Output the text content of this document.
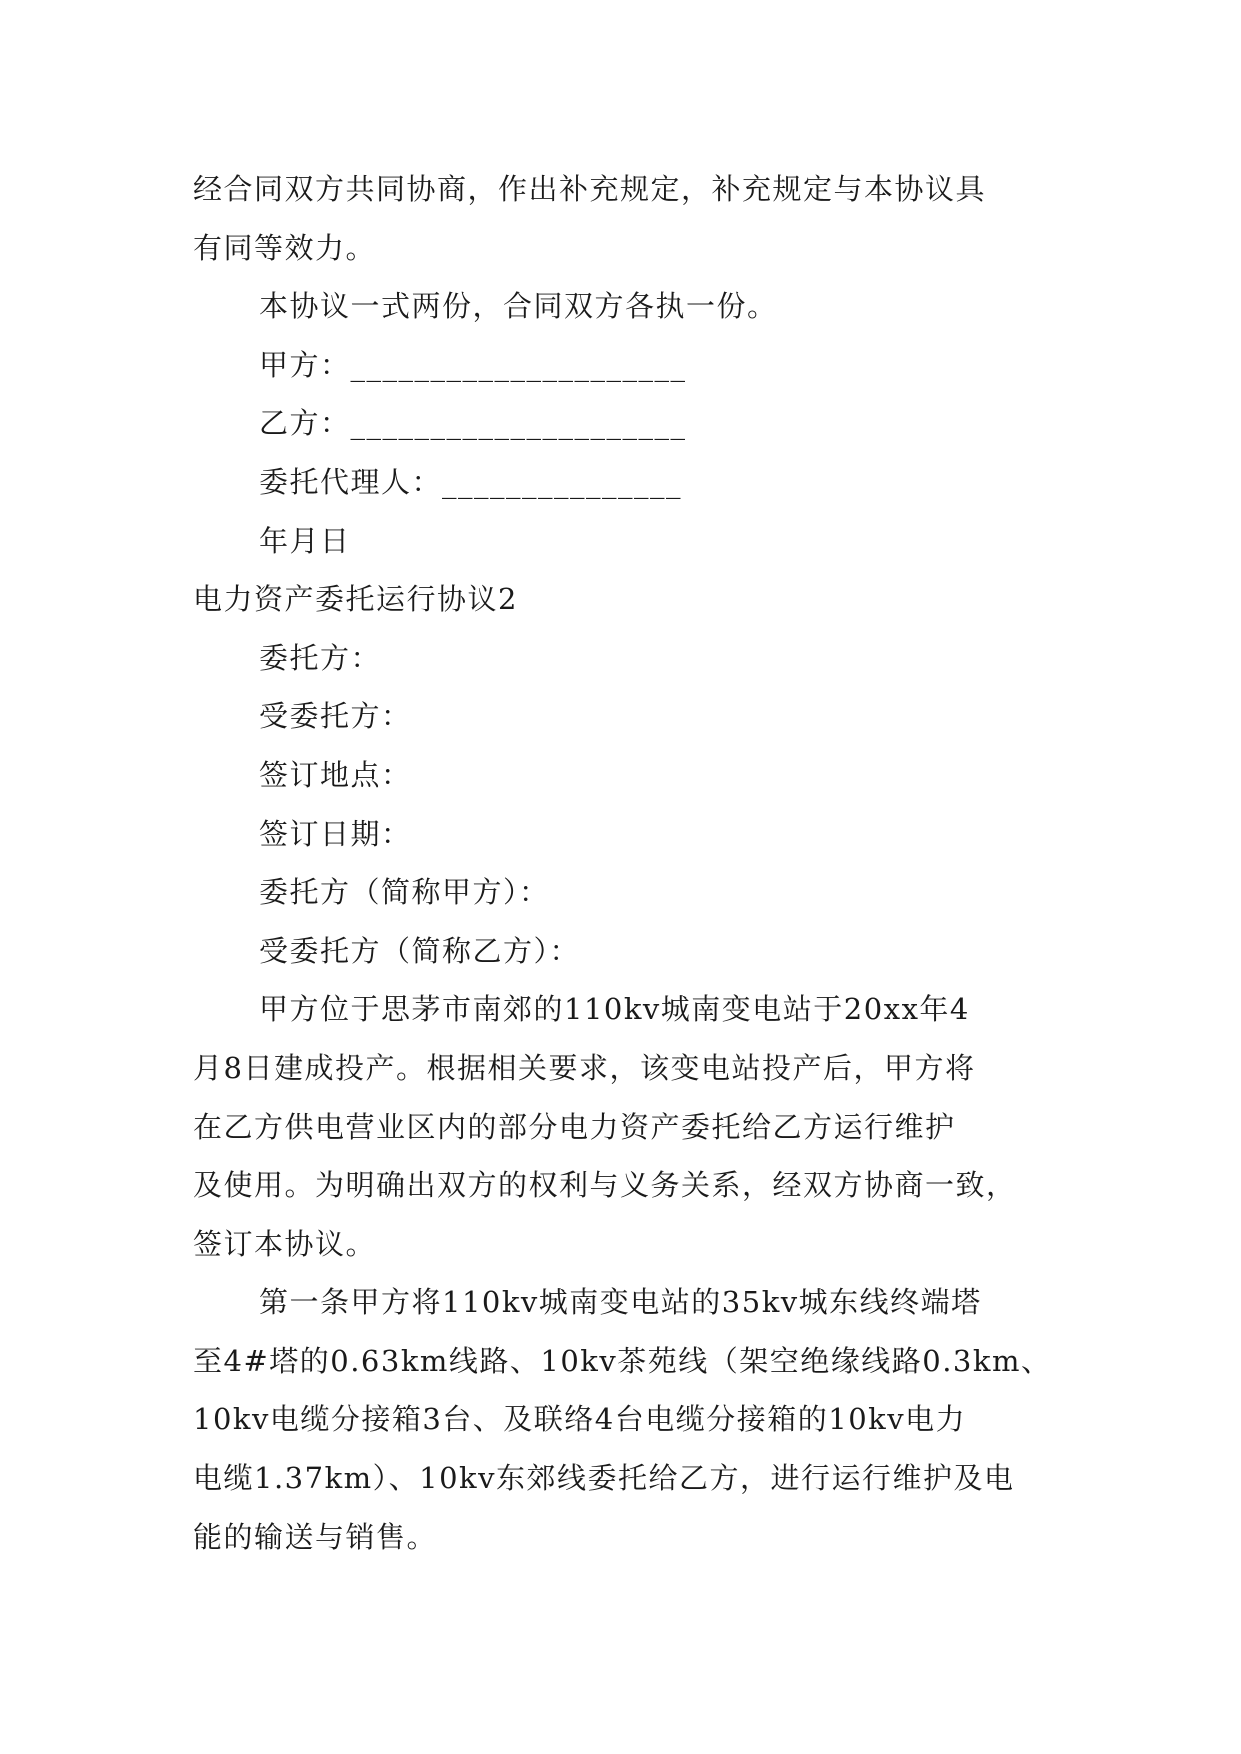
经合同双方共同协商，作出补充规定，补充规定与本协议具
有同等效力。
本协议一式两份，合同双方各执一份。
甲方：_____________________
乙方：_____________________
委托代理人：_______________
年月日
电力资产委托运行协议2
委托方：
受委托方：
签订地点：
签订日期：
委托方（简称甲方）：
受委托方（简称乙方）：
甲方位于思茅市南郊的110kv城南变电站于20xx年4
月8日建成投产。根据相关要求，该变电站投产后，甲方将
在乙方供电营业区内的部分电力资产委托给乙方运行维护
及使用。为明确出双方的权利与义务关系，经双方协商一致，
签订本协议。
第一条甲方将110kv城南变电站的35kv城东线终端塔
至4#塔的0.63km线路、10kv茶苑线（架空绝缘线路0.3km、
10kv电缆分接箱3台、及联络4台电缆分接箱的10kv电力
电缆1.37km）、10kv东郊线委托给乙方，进行运行维护及电
能的输送与销售。
